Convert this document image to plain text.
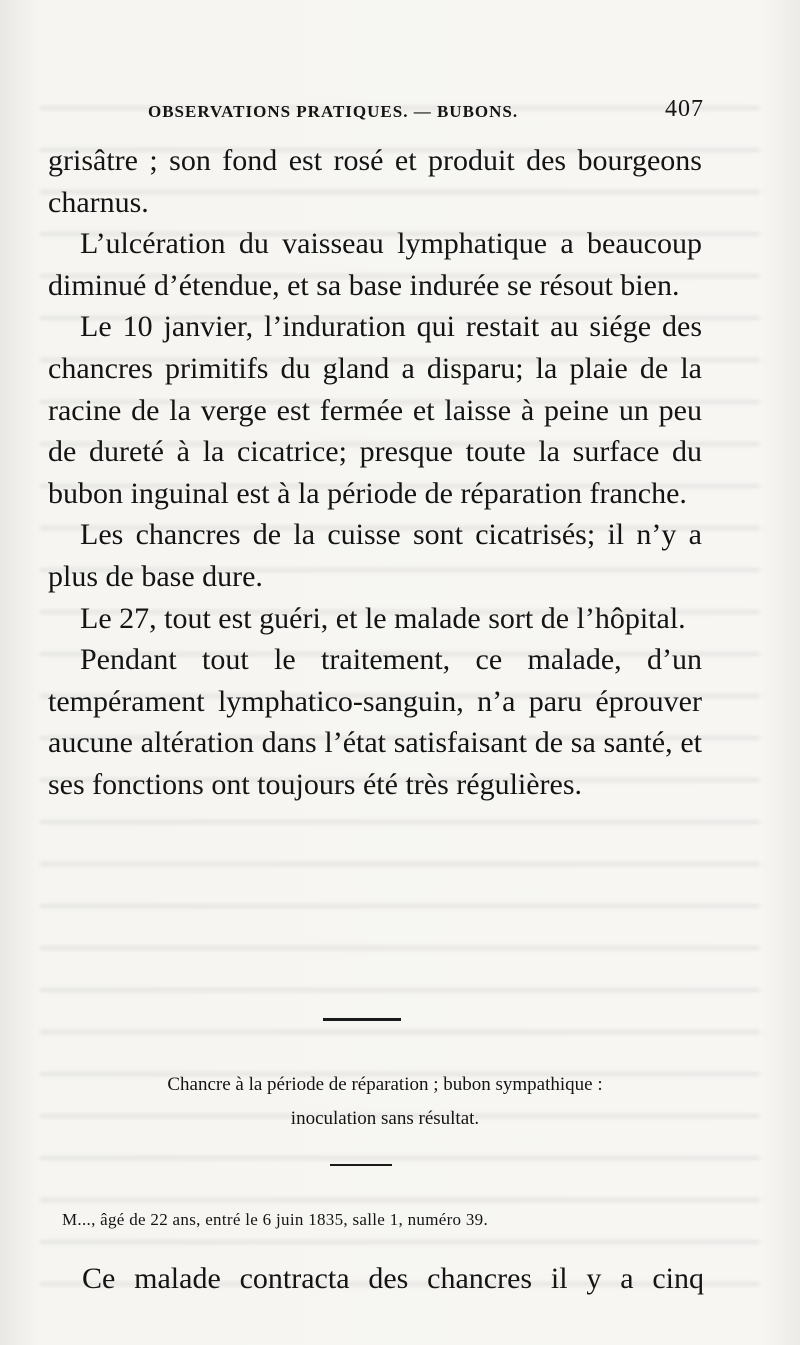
OBSERVATIONS PRATIQUES. — BUBONS.	407

grisâtre ; son fond est rosé et produit des bourgeons charnus.

L’ulcération du vaisseau lymphatique a beaucoup diminué d’étendue, et sa base indurée se résout bien.

Le 10 janvier, l’induration qui restait au siége des chancres primitifs du gland a disparu; la plaie de la racine de la verge est fermée et laisse à peine un peu de dureté à la cicatrice; presque toute la surface du bubon inguinal est à la période de réparation franche.

Les chancres de la cuisse sont cicatrisés; il n’y a plus de base dure.

Le 27, tout est guéri, et le malade sort de l’hôpital.

Pendant tout le traitement, ce malade, d’un tempérament lymphatico-sanguin, n’a paru éprouver aucune altération dans l’état satisfaisant de sa santé, et ses fonctions ont toujours été très régulières.

Chancre à la période de réparation ; bubon sympathique :
inoculation sans résultat.
M..., âgé de 22 ans, entré le 6 juin 1835, salle 1, numéro 39.
Ce malade contracta des chancres il y a cinq
